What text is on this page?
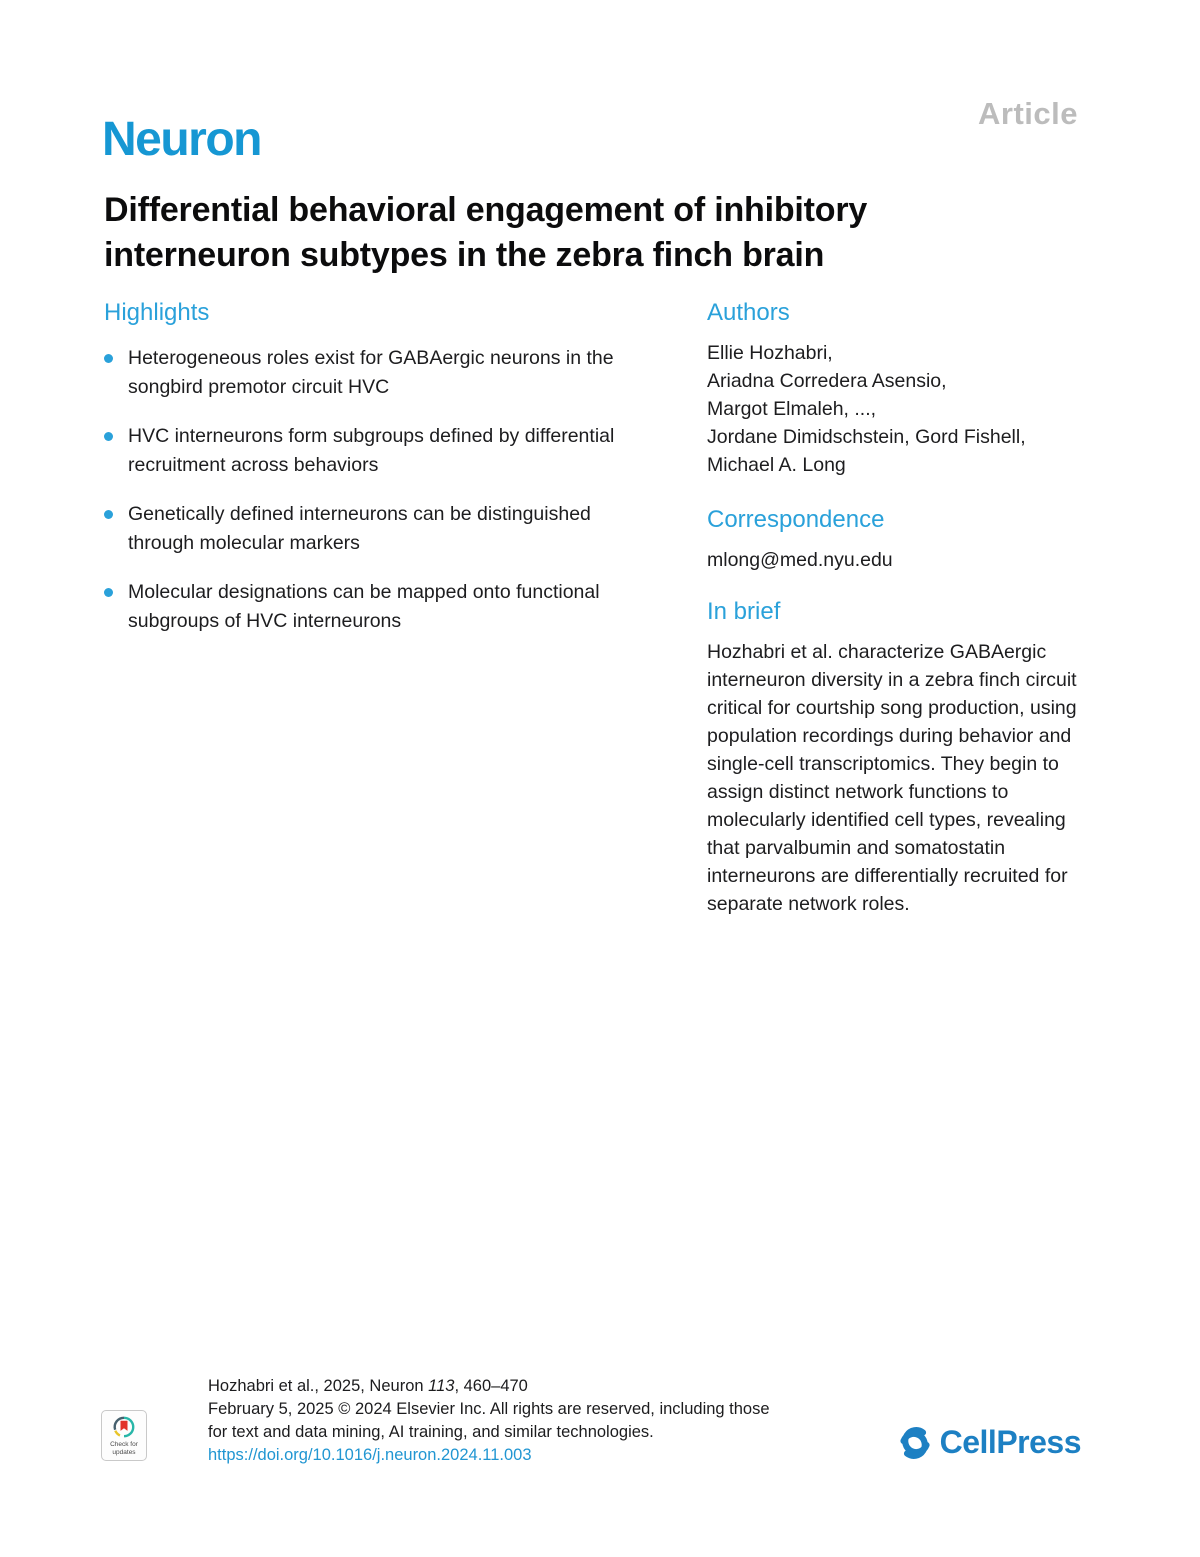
Article
Neuron
Differential behavioral engagement of inhibitory interneuron subtypes in the zebra finch brain
Highlights
Heterogeneous roles exist for GABAergic neurons in the songbird premotor circuit HVC
HVC interneurons form subgroups defined by differential recruitment across behaviors
Genetically defined interneurons can be distinguished through molecular markers
Molecular designations can be mapped onto functional subgroups of HVC interneurons
Authors
Ellie Hozhabri,
Ariadna Corredera Asensio,
Margot Elmaleh, ...,
Jordane Dimidschstein, Gord Fishell,
Michael A. Long
Correspondence
mlong@med.nyu.edu
In brief

Hozhabri et al. characterize GABAergic interneuron diversity in a zebra finch circuit critical for courtship song production, using population recordings during behavior and single-cell transcriptomics. They begin to assign distinct network functions to molecularly identified cell types, revealing that parvalbumin and somatostatin interneurons are differentially recruited for separate network roles.

Check for
updates
Hozhabri et al., 2025, Neuron 113, 460–470
February 5, 2025 © 2024 Elsevier Inc. All rights are reserved, including those
for text and data mining, AI training, and similar technologies.
https://doi.org/10.1016/j.neuron.2024.11.003	CellPress
